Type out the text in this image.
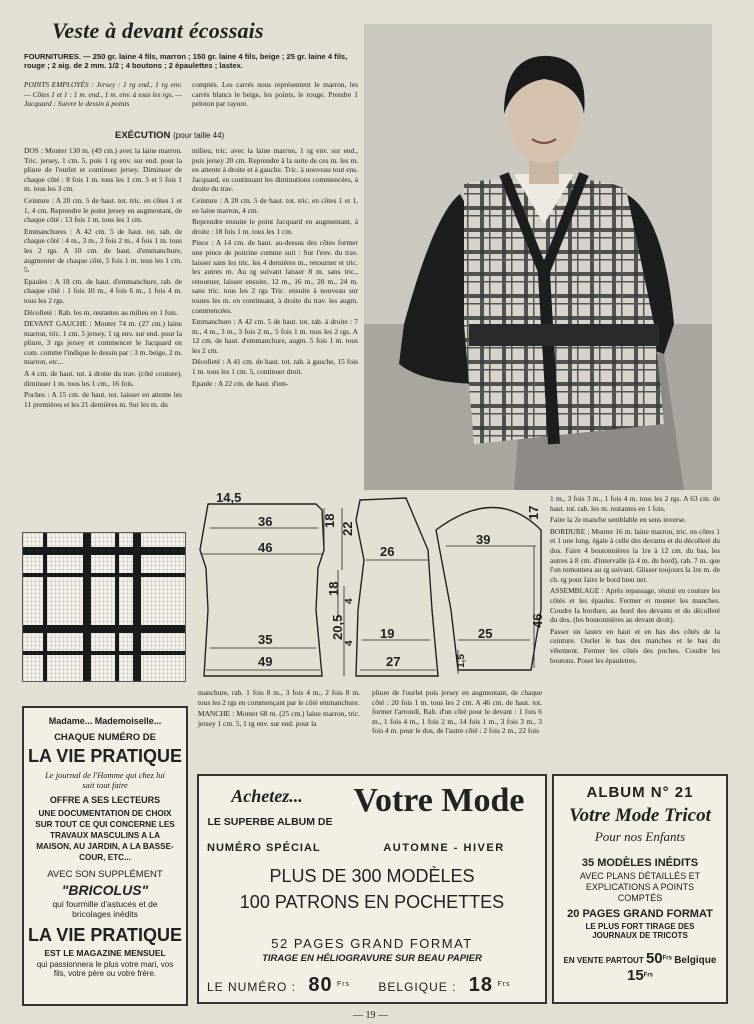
Veste à devant écossais
FOURNITURES. — 250 gr. laine 4 fils, marron ; 150 gr. laine 4 fils, beige ; 25 gr. laine 4 fils, rouge ; 2 aig. de 2 mm. 1/2 ; 4 boutons ; 2 épaulettes ; lastex.
POINTS EMPLOYÉS : Jersey : 1 rg end., 1 rg env. — Côtes 1 et 1 : 1 m. end., 1 m. env. à tous les rgs. — Jacquard : Suivre le dessin à points
comptés. Les carrés nous représentent le marron, les carrés blancs le beige, les points, le rouge. Prendre 1 peloton par rayure.
EXÉCUTION (pour taille 44)

DOS : Monter 130 m. (49 cm.) avec la laine marron. Tric. jersey, 1 cm. 5, puis 1 rg env. sur end. pour la pliure de l'ourlet et continuer jersey. Diminuer de chaque côté : 8 fois 1 m. tous les 1 cm. 5 et 5 fois 1 m. tous les 3 cm.

Ceinture : A 20 cm. 5 de haut. tot. tric. en côtes 1 et 1, 4 cm. Reprendre le point jersey en augmentant, de chaque côté : 13 fois 1 m. tous les 1 cm.

Emmanchures : A 42 cm. 5 de haut. tot. rab. de chaque côté : 4 m., 3 m., 3 fois 2 m., 4 fois 1 m. tous les 2 rgs. A 10 cm. de haut. d'emmanchure, augmenter de chaque côté, 5 fois 1 m. tous les 1 cm. 5.

Epaules : A 18 cm. de haut. d'emmanchure, rab. de chaque côté : 1 fois 10 m., 4 fois 6 m., 1 fois 4 m. tous les 2 rgs.

Décolleté : Rab. les m. restantes au milieu en 1 fois.

DEVANT GAUCHE : Monter 74 m. (27 cm.) laine marron, tric. 1 cm. 5 jersey, 1 rg env. sur end. pour la pliure, 3 rgs jersey et commencer le Jacquard en com. comme l'indique le dessin par : 3 m. beige, 2 m. marron, etc...

A 4 cm. de haut. tot. à droite du trav. (côté couture), diminuer 1 m. tous les 1 cm., 16 fois.

Poches : A 15 cm. de haut. tot. laisser en attente les 11 premières et les 21 dernières m. Sur les m. du

milieu, tric. avec la laine marron, 1 rg env. sur end., puis jersey 20 cm. Reprendre à la suite de ces m. les m. en attente à droite et à gauche. Tric. à nouveau tout ens. Jacquard, en continuant les diminutions commencées, à droite du trav.

Ceinture : A 20 cm. 5 de haut. tot. tric. en côtes 1 et 1, en laine marron, 4 cm.

Reprendre ensuite le point Jacquard en augmentant, à droite : 18 fois 1 m. tous les 1 cm.

Pince : A 14 cm. de haut. au-dessus des côtes former une pince de poitrine comme suit : Sur l'env. du trav. laisser sans les tric. les 4 dernières m., retourner et tric. les autres m. Au rg suivant laisser 8 m. sans tric., retourner, laisser ensuite, 12 m., 16 m., 20 m., 24 m. sans tric. tous les 2 rgs Tric. ensuite à nouveau sur toutes les m. en continuant, à droite du trav. les augm. commencées.

Emmanchure : A 42 cm. 5 de haut. tot. rab. à droite : 7 m., 4 m., 3 m., 3 fois 2 m., 5 fois 1 m. tous les 2 rgs. A 12 cm. de haut. d'emmanchure, augm. 5 fois 1 m. tous les 2 cm.

Décolleté : A 41 cm. de haut. tot. rab. à gauche, 15 fois 1 m. tous les 1 cm. 5, continuer droit.

Epaule : A 22 cm. de haut. d'em-

14,5
36
46
35
49
18
22
26
19
27
18
4
20,5
4
39
17
25
46
1,5

1 m., 3 fois 3 m., 1 fois 4 m. tous les 2 rgs. A 63 cm. de haut. tot. rab. les m. restantes en 1 fois.

Faire la 2e manche semblable en sens inverse.

BORDURE : Monter 16 m. laine marron, tric. en côtes 1 et 1 une long. égale à celle des devants et du décolleté du dos. Faire 4 boutonnières la 1re à 12 cm. du bas, les autres à 8 cm. d'intervalle (à 4 m. du bord), rab. 7 m. que l'on remontera au rg suivant. Glisser toujours la 1re m. de ch. rg pour faire le bord bien net.

ASSEMBLAGE : Après repassage, réunir en couture les côtés et les épaules. Fermer et monter les manches. Coudre la bordure, au bord des devants et du décolleté du dos, (les boutonnières au devant droit).

Passer un lastex en haut et en bas des côtés de la ceinture. Ourler le bas des manches et le bas du vêtement. Fermer les côtés des poches. Coudre les boutons. Poser les épaulettes.

manchure, rab. 1 fois 8 m., 3 fois 4 m., 2 fois 8 m. tous les 2 rgs en commençant par le côté emmanchure.

MANCHE : Monter 68 m. (25 cm.) laine marron, tric. jersey 1 cm. 5, 1 rg env. sur end. pour la

pliure de l'ourlet puis jersey en augmentant, de chaque côté : 20 fois 1 m. tous les 2 cm. A 46 cm. de haut. tot. former l'arrondi. Rab. d'un côté pour le devant : 1 fois 6 m., 1 fois 4 m., 1 fois 2 m., 14 fois 1 m., 3 fois 3 m., 3 fois 4 m. pour le dos, de l'autre côté : 2 fois 2 m., 22 fois

Madame... Mademoiselle...
CHAQUE NUMÉRO DE
LA VIE PRATIQUE
Le journal de l'Homme qui chez lui sait tout faire
OFFRE A SES LECTEURS
UNE DOCUMENTATION DE CHOIX SUR TOUT CE QUI CONCERNE LES TRAVAUX MASCULINS A LA MAISON, AU JARDIN, A LA BASSE-COUR, ETC...
AVEC SON SUPPLÉMENT
"BRICOLUS"
qui fourmille d'astuces et de bricolages inédits
LA VIE PRATIQUE
EST LE MAGAZINE MENSUEL
qui passionnera le plus votre mari, vos fils, votre père ou votre frère.
Achetez...
LE SUPERBE ALBUM DE
Votre Mode
NUMÉRO SPÉCIAL	AUTOMNE - HIVER
PLUS DE 300 MODÈLES
100 PATRONS EN POCHETTES
52 PAGES GRAND FORMAT
TIRAGE EN HÉLIOGRAVURE SUR BEAU PAPIER
LE NUMÉRO : 80 $^{Frs}$ BELGIQUE : 18 $^{Frs}$
ALBUM N° 21
Votre Mode Tricot
Pour nos Enfants
35 MODÈLES INÉDITS
AVEC PLANS DÉTAILLÉS ET EXPLICATIONS A POINTS COMPTÉS
20 PAGES GRAND FORMAT
LE PLUS FORT TIRAGE DES JOURNAUX DE TRICOTS
EN VENTE PARTOUT $50^{Frs}$ Belgique $15^{Frs}$
— 19 —
